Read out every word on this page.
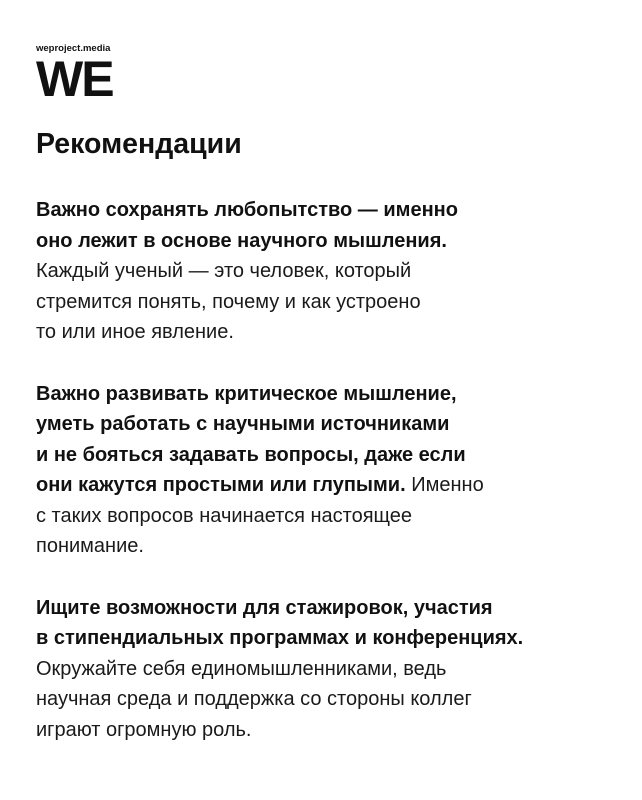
weproject.media
WE
Рекомендации

Важно сохранять любопытство — именно
оно лежит в основе научного мышления.
Каждый ученый — это человек, который
стремится понять, почему и как устроено
то или иное явление.

Важно развивать критическое мышление,
уметь работать с научными источниками
и не бояться задавать вопросы, даже если
они кажутся простыми или глупыми. Именно
с таких вопросов начинается настоящее
понимание.

Ищите возможности для стажировок, участия
в стипендиальных программах и конференциях.
Окружайте себя единомышленниками, ведь
научная среда и поддержка со стороны коллег
играют огромную роль.
